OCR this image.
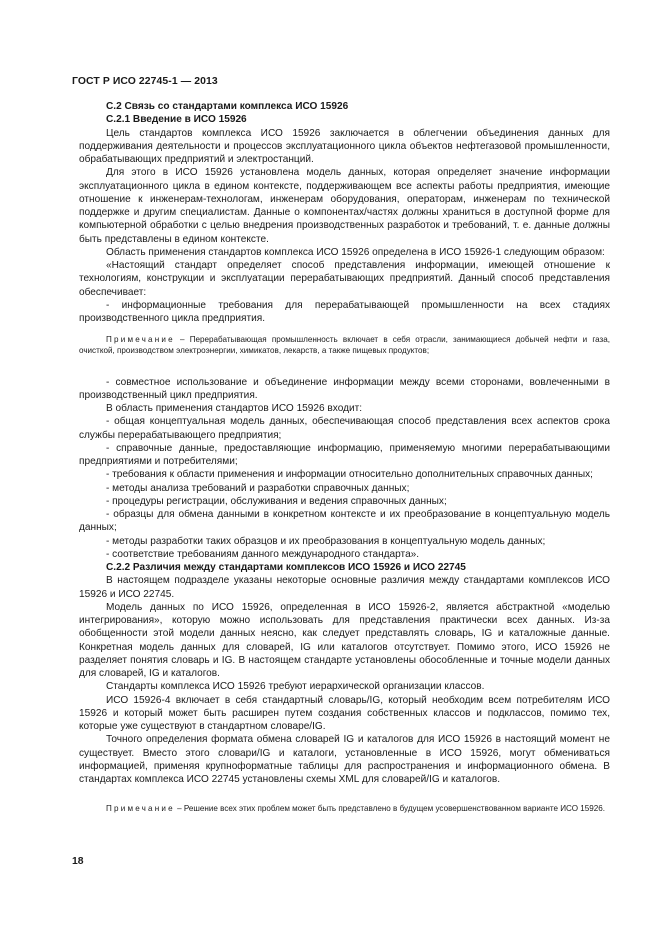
ГОСТ Р ИСО 22745-1 — 2013

С.2 Связь со стандартами комплекса ИСО 15926

С.2.1 Введение в ИСО 15926

Цель стандартов комплекса ИСО 15926 заключается в облегчении объединения данных для поддерживания деятельности и процессов эксплуатационного цикла объектов нефтегазовой промышленности, обрабатывающих предприятий и электростанций.

Для этого в ИСО 15926 установлена модель данных, которая определяет значение информации эксплуатационного цикла в едином контексте, поддерживающем все аспекты работы предприятия, имеющие отношение к инженерам-технологам, инженерам оборудования, операторам, инженерам по технической поддержке и другим специалистам. Данные о компонентах/частях должны храниться в доступной форме для компьютерной обработки с целью внедрения производственных разработок и требований, т. е. данные должны быть представлены в едином контексте.

Область применения стандартов комплекса ИСО 15926 определена в ИСО 15926-1 следующим образом:

«Настоящий стандарт определяет способ представления информации, имеющей отношение к технологиям, конструкции и эксплуатации перерабатывающих предприятий. Данный способ представления обеспечивает:

- информационные требования для перерабатывающей промышленности на всех стадиях производственного цикла предприятия.

Примечание – Перерабатывающая промышленность включает в себя отрасли, занимающиеся добычей нефти и газа, очисткой, производством электроэнергии, химикатов, лекарств, а также пищевых продуктов;

- совместное использование и объединение информации между всеми сторонами, вовлеченными в производственный цикл предприятия.

В область применения стандартов ИСО 15926 входит:

- общая концептуальная модель данных, обеспечивающая способ представления всех аспектов срока службы перерабатывающего предприятия;

- справочные данные, предоставляющие информацию, применяемую многими перерабатывающими предприятиями и потребителями;

- требования к области применения и информации относительно дополнительных справочных данных;

- методы анализа требований и разработки справочных данных;

- процедуры регистрации, обслуживания и ведения справочных данных;

- образцы для обмена данными в конкретном контексте и их преобразование в концептуальную модель данных;

- методы разработки таких образцов и их преобразования в концептуальную модель данных;

- соответствие требованиям данного международного стандарта».

С.2.2 Различия между стандартами комплексов ИСО 15926 и ИСО 22745

В настоящем подразделе указаны некоторые основные различия между стандартами комплексов ИСО 15926 и ИСО 22745.

Модель данных по ИСО 15926, определенная в ИСО 15926-2, является абстрактной «моделью интегрирования», которую можно использовать для представления практически всех данных. Из-за обобщенности этой модели данных неясно, как следует представлять словарь, IG и каталожные данные. Конкретная модель данных для словарей, IG или каталогов отсутствует. Помимо этого, ИСО 15926 не разделяет понятия словарь и IG. В настоящем стандарте установлены обособленные и точные модели данных для словарей, IG и каталогов.

Стандарты комплекса ИСО 15926 требуют иерархической организации классов.

ИСО 15926-4 включает в себя стандартный словарь/IG, который необходим всем потребителям ИСО 15926 и который может быть расширен путем создания собственных классов и подклассов, помимо тех, которые уже существуют в стандартном словаре/IG.

Точного определения формата обмена словарей IG и каталогов для ИСО 15926 в настоящий момент не существует. Вместо этого словари/IG и каталоги, установленные в ИСО 15926, могут обмениваться информацией, применяя крупноформатные таблицы для распространения и информационного обмена. В стандартах комплекса ИСО 22745 установлены схемы XML для словарей/IG и каталогов.

Примечание – Решение всех этих проблем может быть представлено в будущем усовершенствованном варианте ИСО 15926.

18
